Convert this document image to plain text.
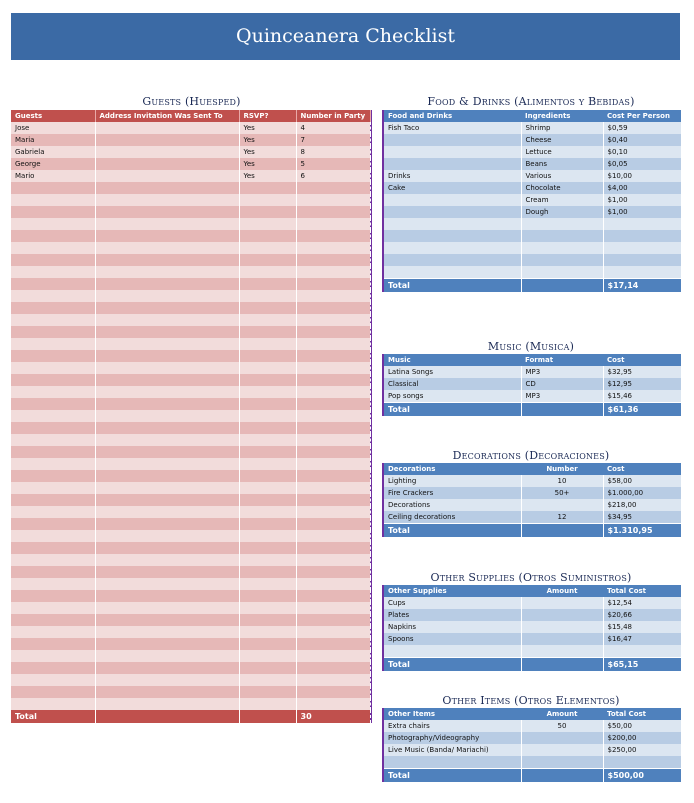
Quinceanera Checklist
Guests (Huesped)
Guests	Address Invitation Was Sent To	RSVP?	Number in Party
Jose		Yes	4
Maria		Yes	7
Gabriela		Yes	8
George		Yes	5
Mario		Yes	6

Total			30
Food & Drinks (Alimentos y Bebidas)
Food and Drinks	Ingredients	Cost Per Person
Fish Taco	Shrimp	$0,59
	Cheese	$0,40
	Lettuce	$0,10
	Beans	$0,05
Drinks	Various	$10,00
Cake	Chocolate	$4,00
	Cream	$1,00
	Dough	$1,00

Total		$17,14
Music (Musica)
Music	Format	Cost
Latina Songs	MP3	$32,95
Classical	CD	$12,95
Pop songs	MP3	$15,46
Total		$61,36
Decorations (Decoraciones)
Decorations	Number	Cost
Lighting	10	$58,00
Fire Crackers	50+	$1.000,00
Decorations		$218,00
Ceiling decorations	12	$34,95
Total		$1.310,95
Other Supplies (Otros Suministros)
Other Supplies	Amount	Total Cost
Cups		$12,54
Plates		$20,66
Napkins		$15,48
Spoons		$16,47

Total		$65,15
Other Items (Otros Elementos)
Other Items	Amount	Total Cost
Extra chairs	50	$50,00
Photography/Videography		$200,00
Live Music (Banda/ Mariachi)		$250,00

Total		$500,00
